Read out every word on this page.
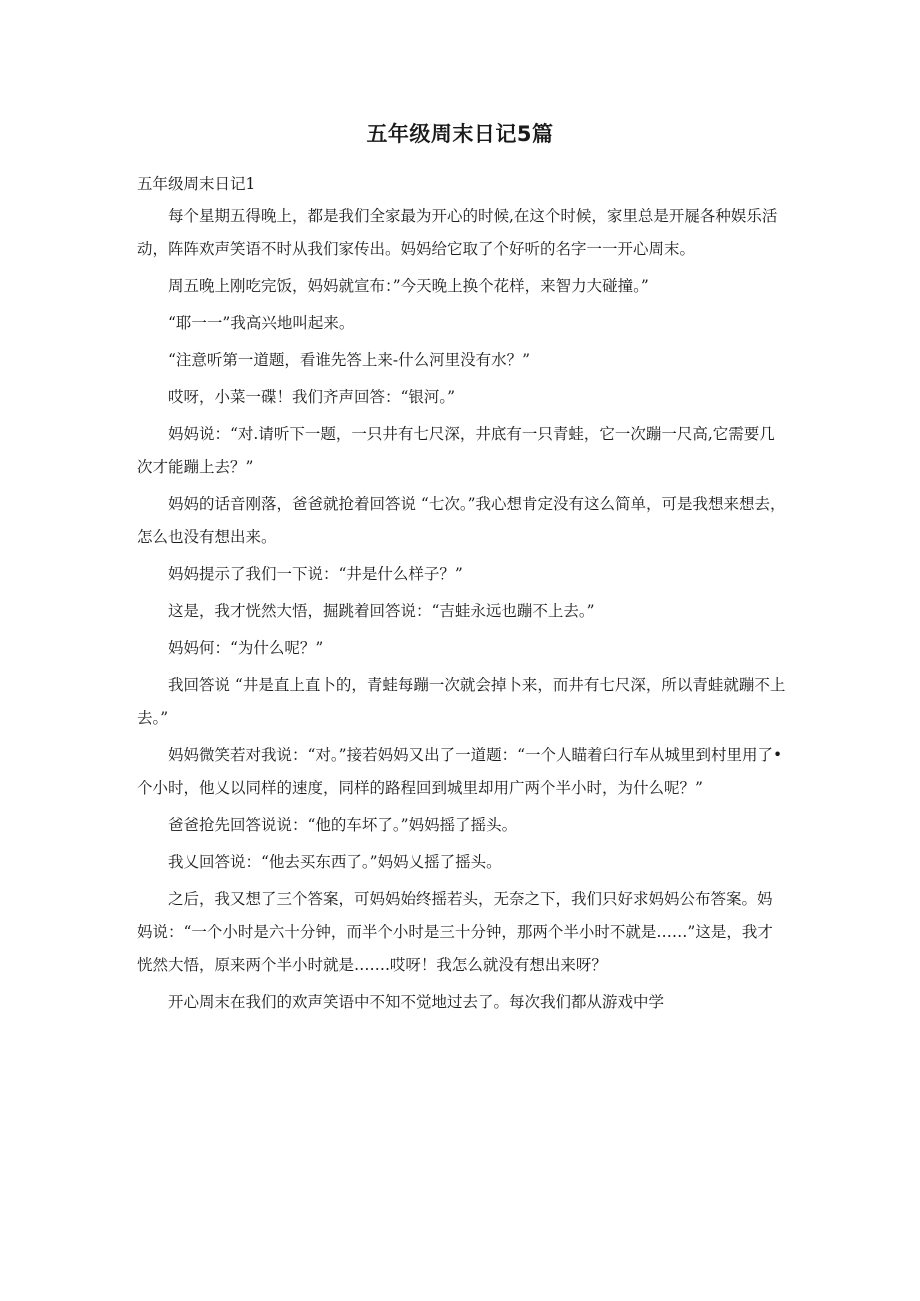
五年级周末日记5篇

五年级周末日记1

每个星期五得晚上，都是我们全家最为开心的时候,在这个时候，家里总是开屣各种娱乐活动，阵阵欢声笑语不时从我们家传出。妈妈给它取了个好听的名字一一开心周末。

周五晚上刚吃完饭，妈妈就宣布：”今天晚上换个花样，来智力大碰撞。”

“耶一一”我高兴地叫起来。

“注意听第一道题，看谁先答上来-什么河里没有水？”

哎呀，小菜一碟！我们齐声回答：“银河。”

妈妈说：“对.请听下一题，一只井有七尺深，井底有一只青蛙，它一次蹦一尺高,它需要几次才能蹦上去？”

妈妈的话音刚落，爸爸就抢着回答说 “七次。”我心想肯定没有这么简单，可是我想来想去，怎么也没有想出来。

妈妈提示了我们一下说：“井是什么样子？”

这是，我才恍然大悟，掘跳着回答说：“吉蛙永远也蹦不上去。”

妈妈何：“为什么呢？”

我回答说 “井是直上直卜的，青蛙每蹦一次就会掉卜来，而井有七尺深，所以青蛙就蹦不上去。”

妈妈微笑若对我说：“对。”接若妈妈又出了一道题：“一个人瞄着臼行车从城里到村里用了•个小时，他乂以同样的速度，同样的路程回到城里却用广两个半小时，为什么呢？”

爸爸抢先回答说说：“他的车坏了。”妈妈摇了摇头。

我乂回答说：“他去买东西了。”妈妈乂摇了摇头。

之后，我又想了三个答案，可妈妈始终摇若头，无奈之下，我们只好求妈妈公布答案。妈妈说：“一个小时是六十分钟，而半个小时是三十分钟，那两个半小时不就是……”这是，我才恍然大悟，原来两个半小时就是…….哎呀！我怎么就没有想出来呀？

开心周末在我们的欢声笑语中不知不觉地过去了。每次我们都从游戏中学
